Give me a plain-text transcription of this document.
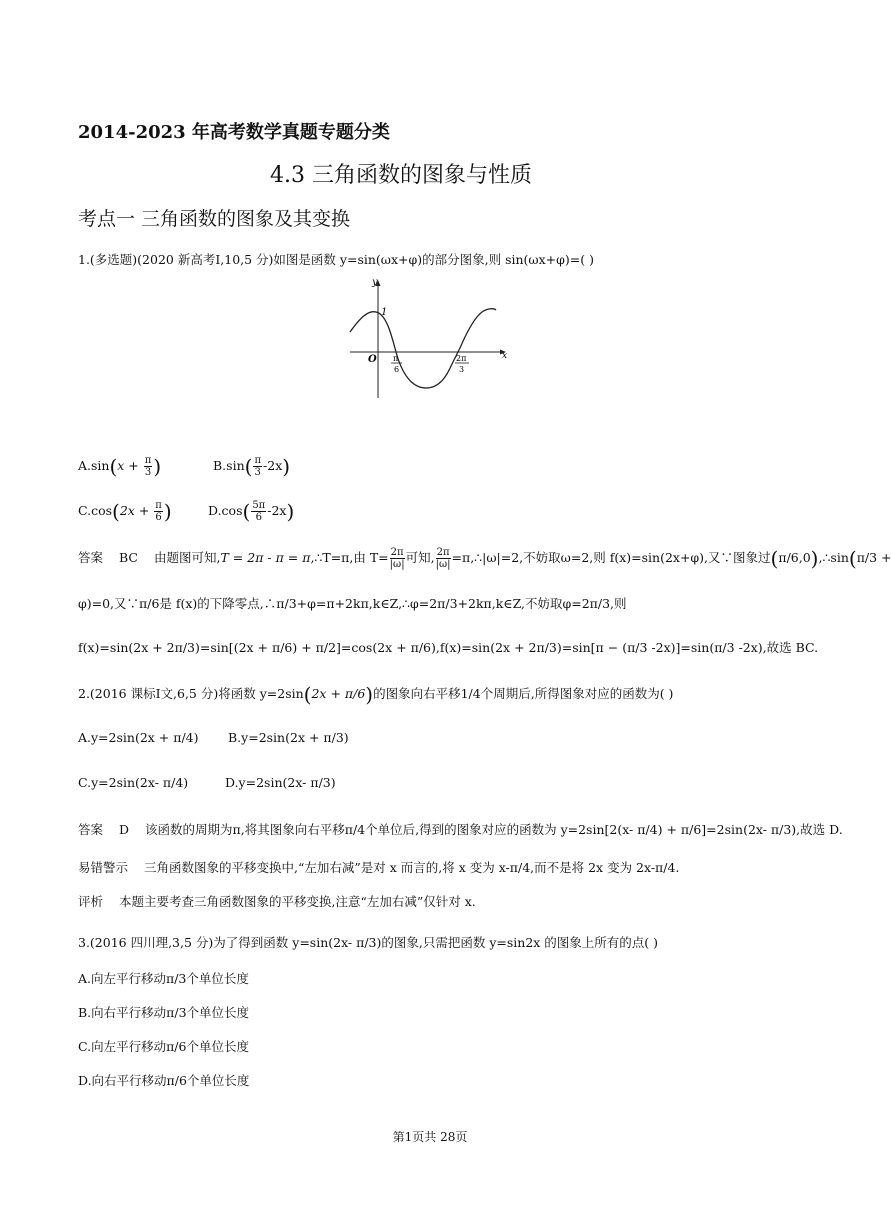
2014-2023 年高考数学真题专题分类
4.3 三角函数的图象与性质
考点一 三角函数的图象及其变换
1.(多选题)(2020 新高考Ⅰ,10,5 分)如图是函数 y=sin(ωx+φ)的部分图象,则 sin(ωx+φ)=( )
1
y
x
O π
6
2π
3
$A.\sin(x + \frac{\pi}{3}$ )	$B.\sin( \frac{\pi}{3} -2x)$
$C.\cos(2x + \frac{\pi}{6}$ )	$D.\cos( \frac{5\pi}{6} -2x)$
答案 BC 由题图可知,T = 2π - π = π,∴T=π,由 $T= \frac{2\pi}{|\omega|}$ 可知, $\frac{2\pi}{|\omega|}$ =π,∴|ω|=2,不妨取ω=2,则 f(x)=sin(2x+φ),又∵图象过(π/6,0),∴sin(π/3 +
φ)=0,又∵π/6是 f(x)的下降零点,∴π/3+φ=π+2kπ,k∈Z,∴φ=2π/3+2kπ,k∈Z,不妨取φ=2π/3,则
f(x)=sin(2x + 2π/3)=sin[(2x + π/6) + π/2]=cos(2x + π/6),f(x)=sin(2x + 2π/3)=sin[π − (π/3 -2x)]=sin(π/3 -2x),故选 BC.
2.(2016 课标Ⅰ文,6,5 分)将函数 y=2sin(2x + π/6)的图象向右平移1/4个周期后,所得图象对应的函数为( )
A.y=2sin(2x + π/4) B.y=2sin(2x + π/3)
C.y=2sin(2x- π/4)	D.y=2sin(2x- π/3)
答案 D 该函数的周期为π,将其图象向右平移π/4个单位后,得到的图象对应的函数为 y=2sin[2(x- π/4) + π/6]=2sin(2x- π/3),故选 D.
易错警示 三角函数图象的平移变换中,“左加右减”是对 x 而言的,将 x 变为 x-π/4,而不是将 2x 变为 2x-π/4.
评析 本题主要考查三角函数图象的平移变换,注意“左加右减”仅针对 x.
3.(2016 四川理,3,5 分)为了得到函数 y=sin(2x- π/3)的图象,只需把函数 y=sin2x 的图象上所有的点( )
A.向左平行移动π/3个单位长度
B.向右平行移动π/3个单位长度
C.向左平行移动π/6个单位长度
D.向右平行移动π/6个单位长度
第1页共 28页
